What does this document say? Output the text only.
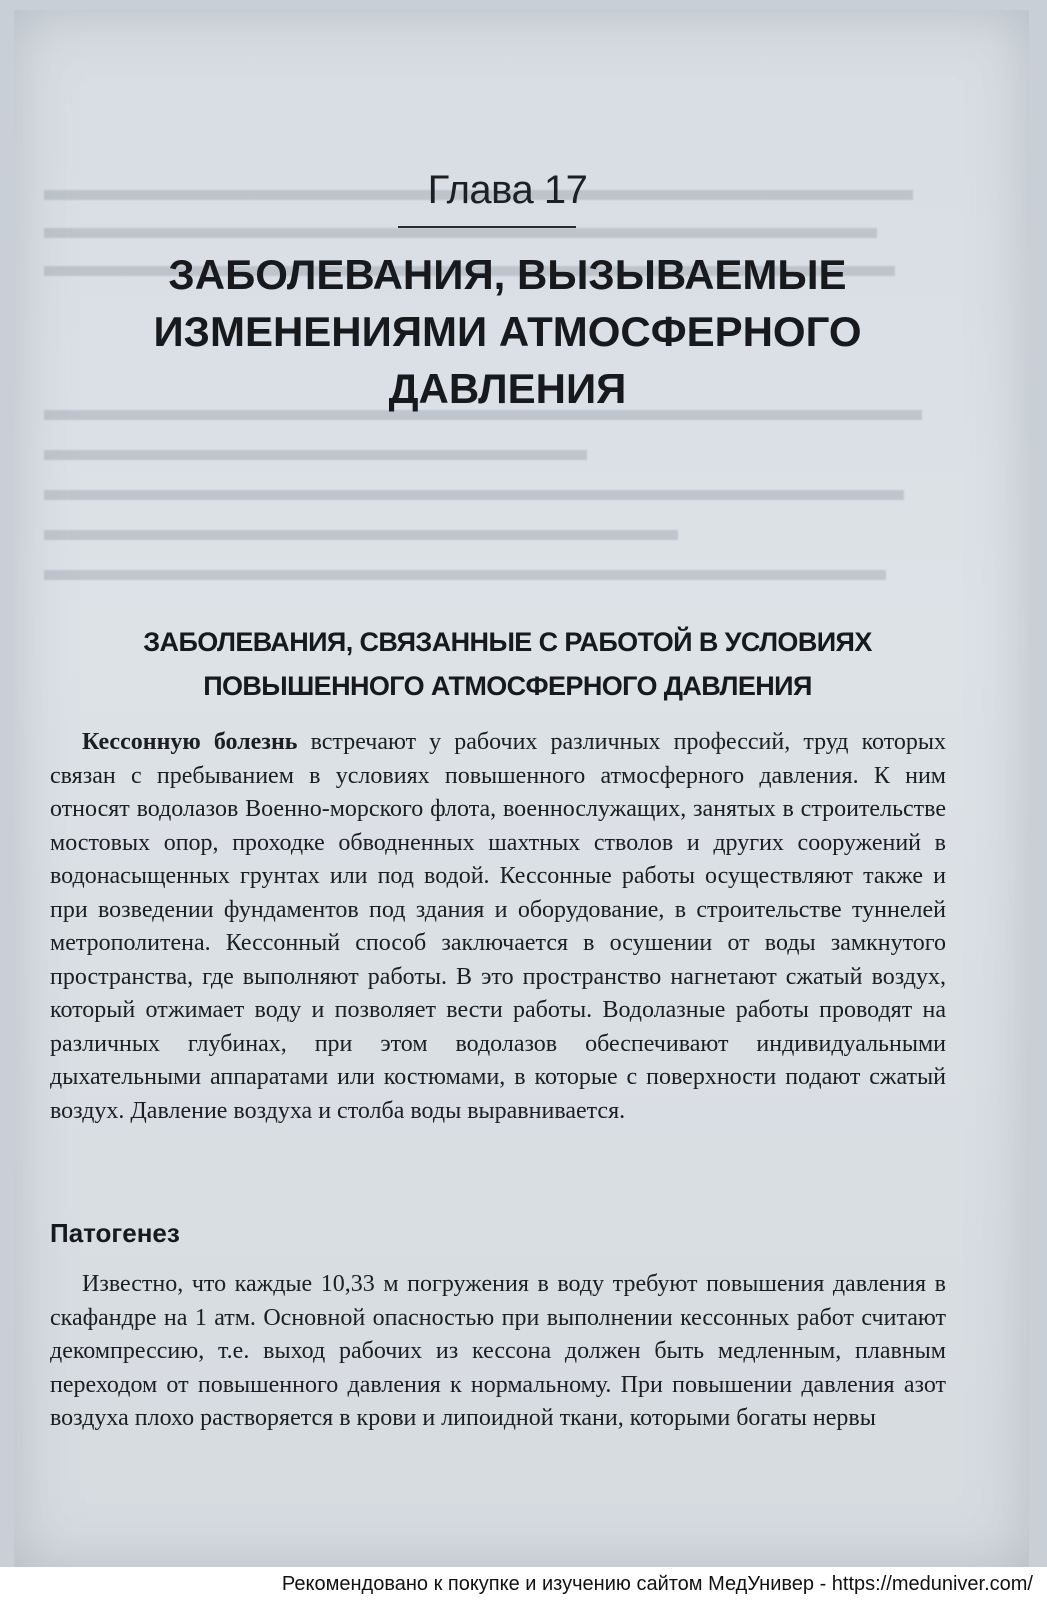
Глава 17
ЗАБОЛЕВАНИЯ, ВЫЗЫВАЕМЫЕ ИЗМЕНЕНИЯМИ АТМОСФЕРНОГО ДАВЛЕНИЯ
ЗАБОЛЕВАНИЯ, СВЯЗАННЫЕ С РАБОТОЙ В УСЛОВИЯХ ПОВЫШЕННОГО АТМОСФЕРНОГО ДАВЛЕНИЯ

Кессонную болезнь встречают у рабочих различных профессий, труд которых связан с пребыванием в условиях повышенного атмосферного давления. К ним относят водолазов Военно-морского флота, военнослужащих, занятых в строительстве мостовых опор, проходке обводненных шахтных стволов и других сооружений в водонасыщенных грунтах или под водой. Кессонные работы осуществляют также и при возведении фундаментов под здания и оборудование, в строительстве туннелей метрополитена. Кессонный способ заключается в осушении от воды замкнутого пространства, где выполняют работы. В это пространство нагнетают сжатый воздух, который отжимает воду и позволяет вести работы. Водолазные работы проводят на различных глубинах, при этом водолазов обеспечивают индивидуальными дыхательными аппаратами или костюмами, в которые с поверхности подают сжатый воздух. Давление воздуха и столба воды выравнивается.

Патогенез

Известно, что каждые 10,33 м погружения в воду требуют повышения давления в скафандре на 1 атм. Основной опасностью при выполнении кессонных работ считают декомпрессию, т.е. выход рабочих из кессона должен быть медленным, плавным переходом от повышенного давления к нормальному. При повышении давления азот воздуха плохо растворяется в крови и липоидной ткани, которыми богаты нервы

Рекомендовано к покупке и изучению сайтом МедУнивер - https://meduniver.com/
